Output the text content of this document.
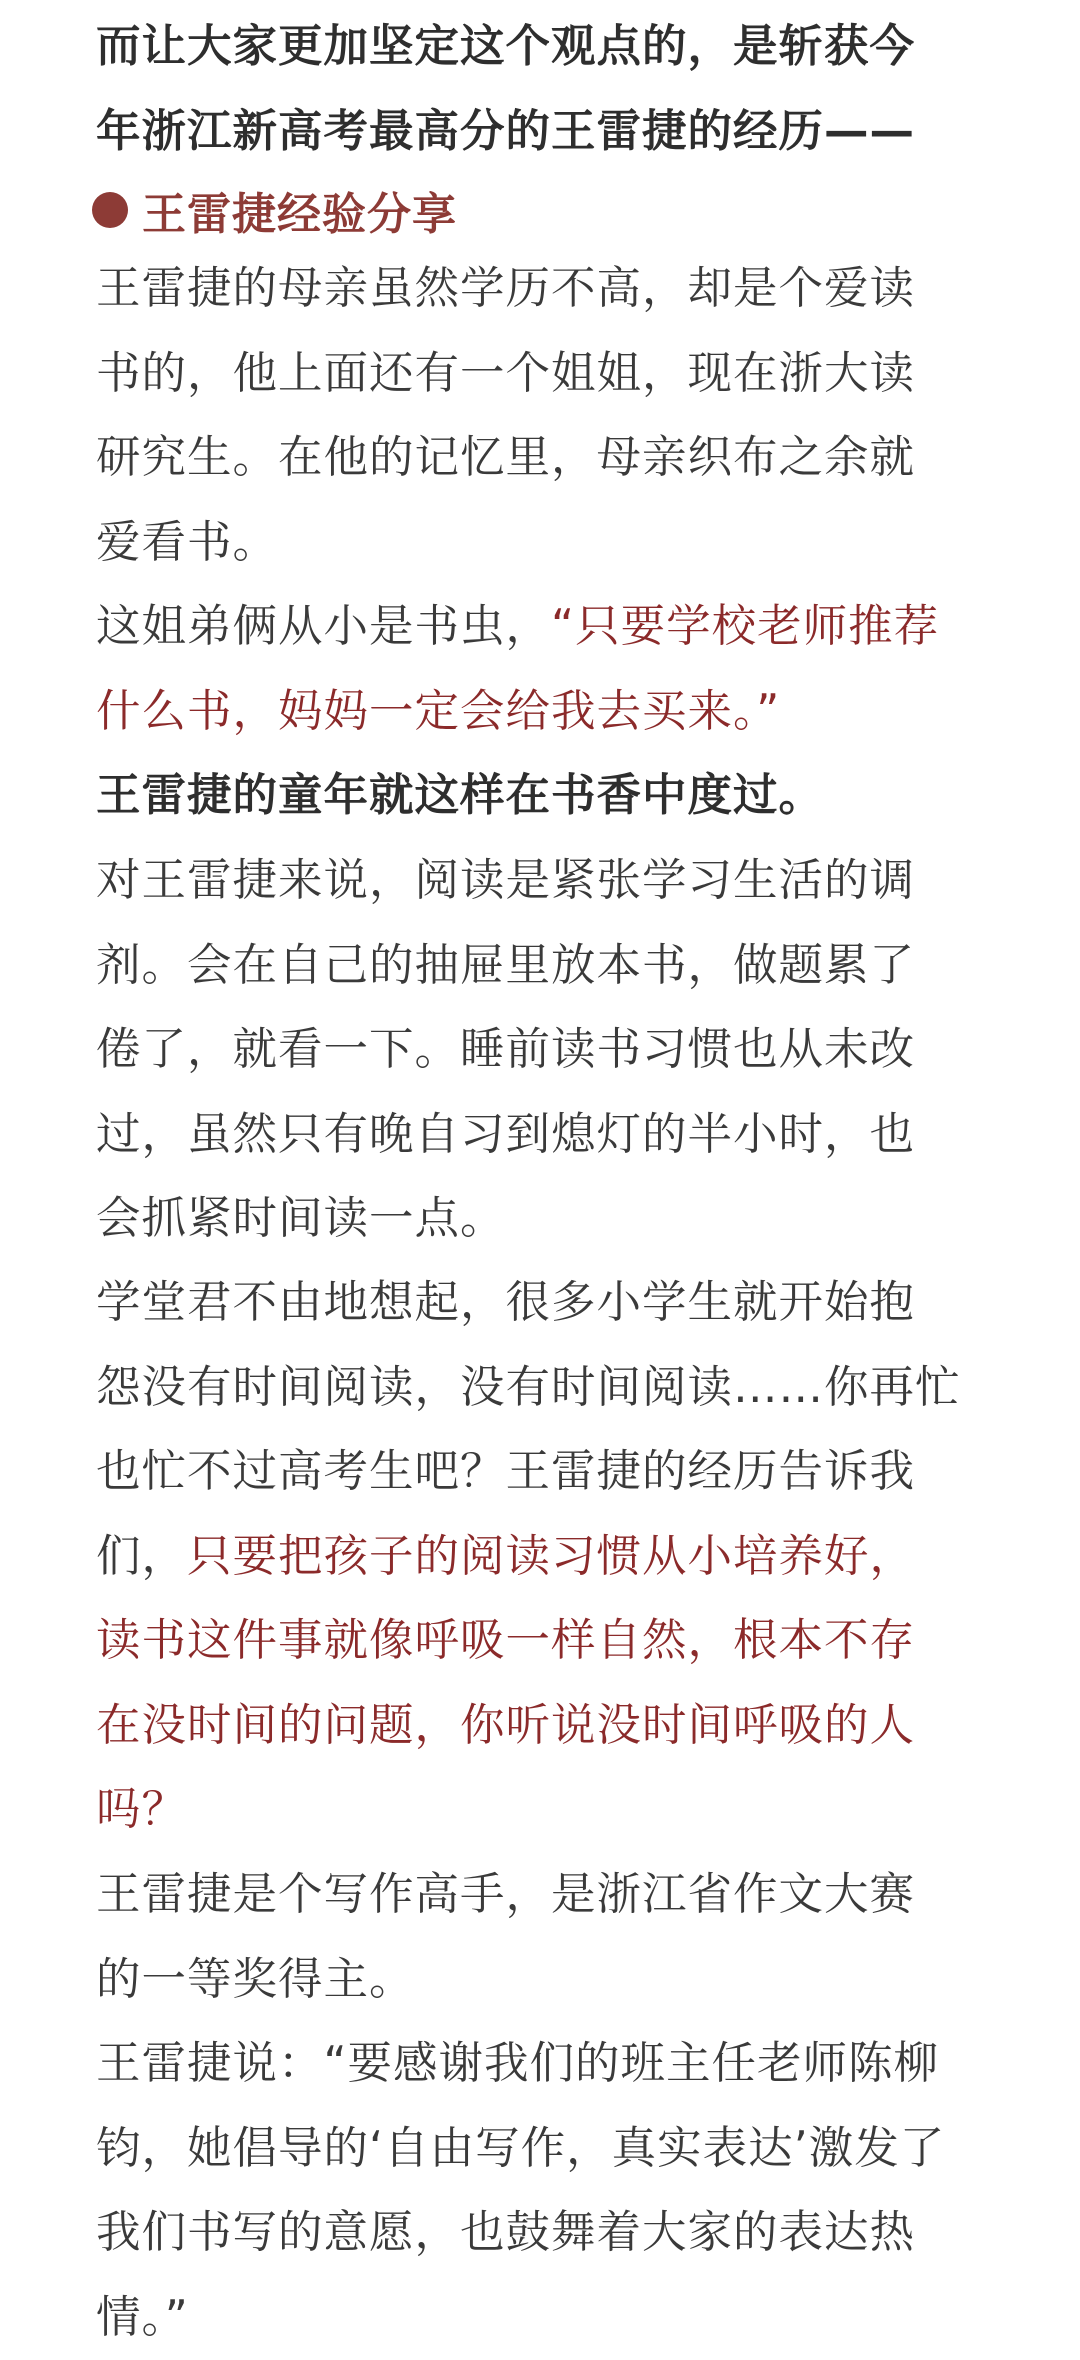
而让大家更加坚定这个观点的，是斩获今

年浙江新高考最高分的王雷捷的经历——

王雷捷经验分享

王雷捷的母亲虽然学历不高，却是个爱读

书的，他上面还有一个姐姐，现在浙大读

研究生。在他的记忆里，母亲织布之余就

爱看书。

这姐弟俩从小是书虫，“只要学校老师推荐

什么书，妈妈一定会给我去买来。”

王雷捷的童年就这样在书香中度过。

对王雷捷来说，阅读是紧张学习生活的调

剂。会在自己的抽屉里放本书，做题累了

倦了，就看一下。睡前读书习惯也从未改

过，虽然只有晚自习到熄灯的半小时，也

会抓紧时间读一点。

学堂君不由地想起，很多小学生就开始抱

怨没有时间阅读，没有时间阅读……你再忙

也忙不过高考生吧？王雷捷的经历告诉我

们，只要把孩子的阅读习惯从小培养好，

读书这件事就像呼吸一样自然，根本不存

在没时间的问题，你听说没时间呼吸的人

吗？

王雷捷是个写作高手，是浙江省作文大赛

的一等奖得主。

王雷捷说：“要感谢我们的班主任老师陈柳

钧，她倡导的‘自由写作，真实表达’激发了

我们书写的意愿，也鼓舞着大家的表达热

情。”
